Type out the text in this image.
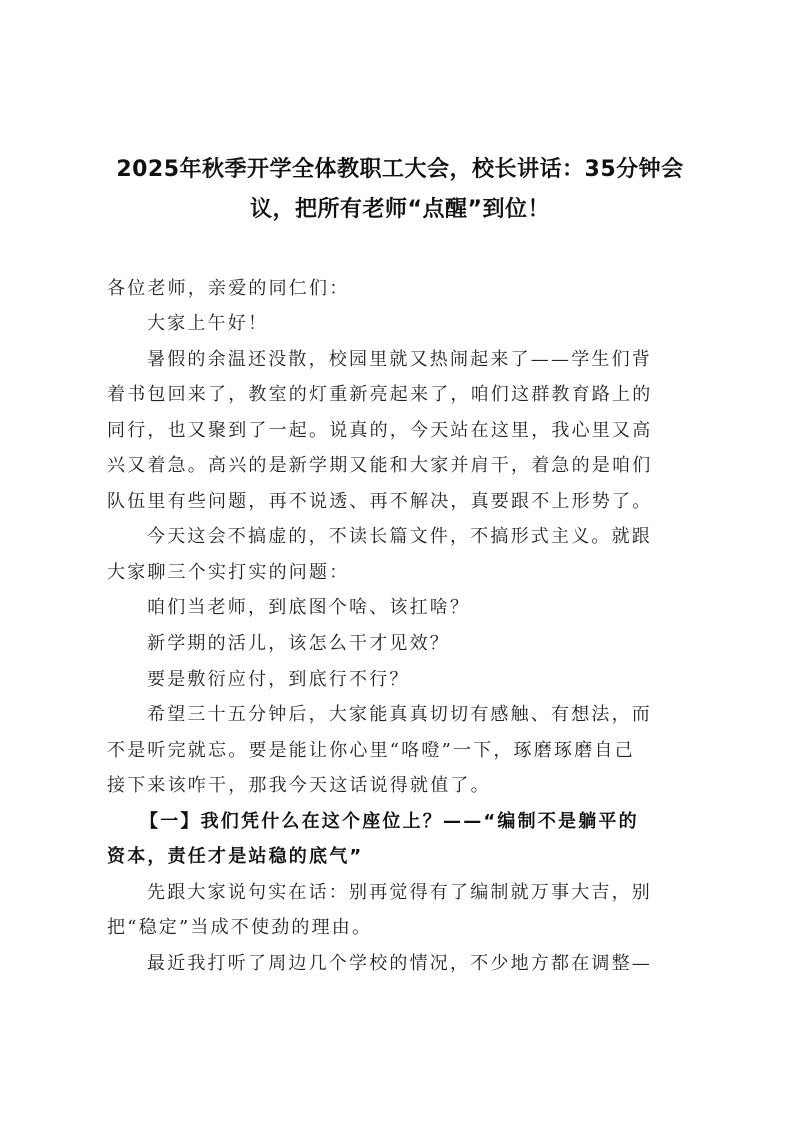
2025年秋季开学全体教职工大会，校长讲话：35分钟会
议，把所有老师“点醒”到位！
各位老师，亲爱的同仁们：
大家上午好！
暑假的余温还没散，校园里就又热闹起来了——学生们背
着书包回来了，教室的灯重新亮起来了，咱们这群教育路上的
同行，也又聚到了一起。说真的，今天站在这里，我心里又高
兴又着急。高兴的是新学期又能和大家并肩干，着急的是咱们
队伍里有些问题，再不说透、再不解决，真要跟不上形势了。
今天这会不搞虚的，不读长篇文件，不搞形式主义。就跟
大家聊三个实打实的问题：
咱们当老师，到底图个啥、该扛啥？
新学期的活儿，该怎么干才见效？
要是敷衍应付，到底行不行？
希望三十五分钟后，大家能真真切切有感触、有想法，而
不是听完就忘。要是能让你心里“咯噔”一下，琢磨琢磨自己
接下来该咋干，那我今天这话说得就值了。
【一】我们凭什么在这个座位上？——“编制不是躺平的
资本，责任才是站稳的底气”
先跟大家说句实在话：别再觉得有了编制就万事大吉，别
把“稳定”当成不使劲的理由。
最近我打听了周边几个学校的情况，不少地方都在调整—
